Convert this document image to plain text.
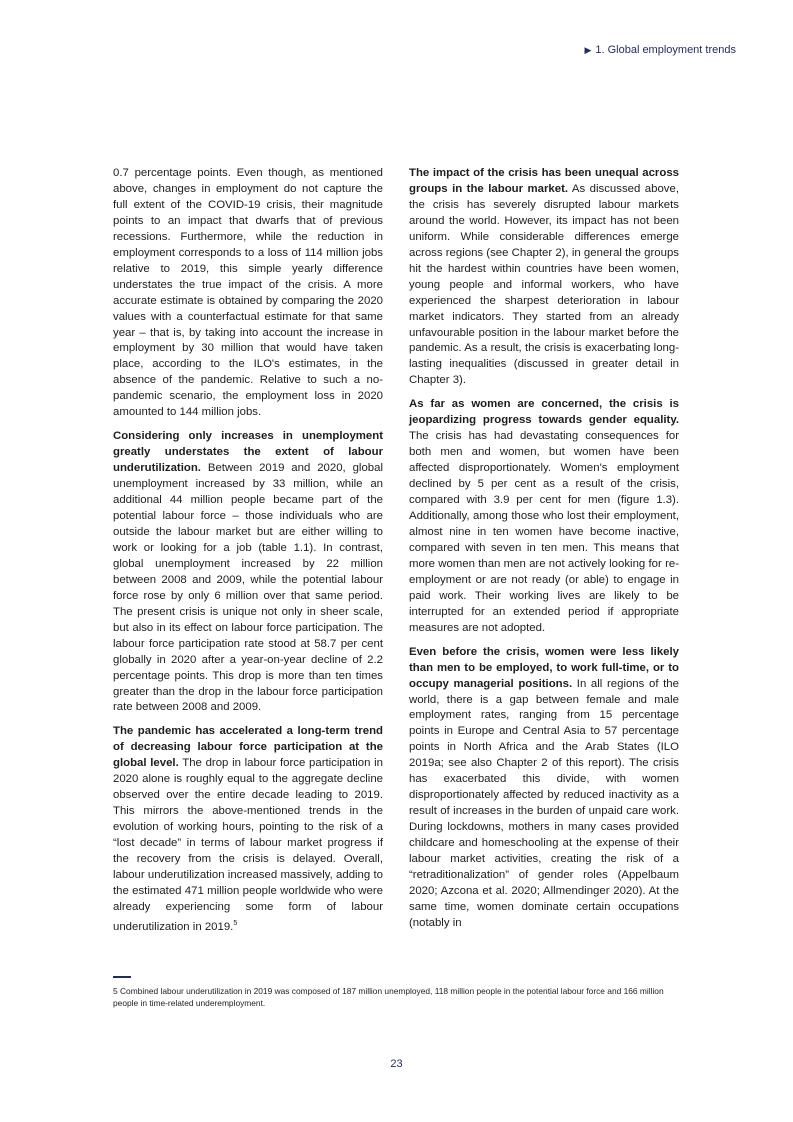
▶ 1. Global employment trends

0.7 percentage points. Even though, as mentioned above, changes in employment do not capture the full extent of the COVID-19 crisis, their magnitude points to an impact that dwarfs that of previous recessions. Furthermore, while the reduction in employment corresponds to a loss of 114 million jobs relative to 2019, this simple yearly difference understates the true impact of the crisis. A more accurate estimate is obtained by comparing the 2020 values with a counterfactual estimate for that same year – that is, by taking into account the increase in employment by 30 million that would have taken place, according to the ILO's estimates, in the absence of the pandemic. Relative to such a no-pandemic scenario, the employment loss in 2020 amounted to 144 million jobs.

Considering only increases in unemployment greatly understates the extent of labour underutilization. Between 2019 and 2020, global unemployment increased by 33 million, while an additional 44 million people became part of the potential labour force – those individuals who are outside the labour market but are either willing to work or looking for a job (table 1.1). In contrast, global unemployment increased by 22 million between 2008 and 2009, while the potential labour force rose by only 6 million over that same period. The present crisis is unique not only in sheer scale, but also in its effect on labour force participation. The labour force participation rate stood at 58.7 per cent globally in 2020 after a year-on-year decline of 2.2 percentage points. This drop is more than ten times greater than the drop in the labour force participation rate between 2008 and 2009.

The pandemic has accelerated a long-term trend of decreasing labour force participation at the global level. The drop in labour force participation in 2020 alone is roughly equal to the aggregate decline observed over the entire decade leading to 2019. This mirrors the above-mentioned trends in the evolution of working hours, pointing to the risk of a “lost decade” in terms of labour market progress if the recovery from the crisis is delayed. Overall, labour underutilization increased massively, adding to the estimated 471 million people worldwide who were already experiencing some form of labour underutilization in 2019.$^5$

The impact of the crisis has been unequal across groups in the labour market. As discussed above, the crisis has severely disrupted labour markets around the world. However, its impact has not been uniform. While considerable differences emerge across regions (see Chapter 2), in general the groups hit the hardest within countries have been women, young people and informal workers, who have experienced the sharpest deterioration in labour market indicators. They started from an already unfavourable position in the labour market before the pandemic. As a result, the crisis is exacerbating long-lasting inequalities (discussed in greater detail in Chapter 3).

As far as women are concerned, the crisis is jeopardizing progress towards gender equality. The crisis has had devastating consequences for both men and women, but women have been affected disproportionately. Women's employment declined by 5 per cent as a result of the crisis, compared with 3.9 per cent for men (figure 1.3). Additionally, among those who lost their employment, almost nine in ten women have become inactive, compared with seven in ten men. This means that more women than men are not actively looking for re-employment or are not ready (or able) to engage in paid work. Their working lives are likely to be interrupted for an extended period if appropriate measures are not adopted.

Even before the crisis, women were less likely than men to be employed, to work full-time, or to occupy managerial positions. In all regions of the world, there is a gap between female and male employment rates, ranging from 15 percentage points in Europe and Central Asia to 57 percentage points in North Africa and the Arab States (ILO 2019a; see also Chapter 2 of this report). The crisis has exacerbated this divide, with women disproportionately affected by reduced inactivity as a result of increases in the burden of unpaid care work. During lockdowns, mothers in many cases provided childcare and homeschooling at the expense of their labour market activities, creating the risk of a “retraditionalization” of gender roles (Appelbaum 2020; Azcona et al. 2020; Allmendinger 2020). At the same time, women dominate certain occupations (notably in

5 Combined labour underutilization in 2019 was composed of 187 million unemployed, 118 million people in the potential labour force and 166 million people in time-related underemployment.
23
